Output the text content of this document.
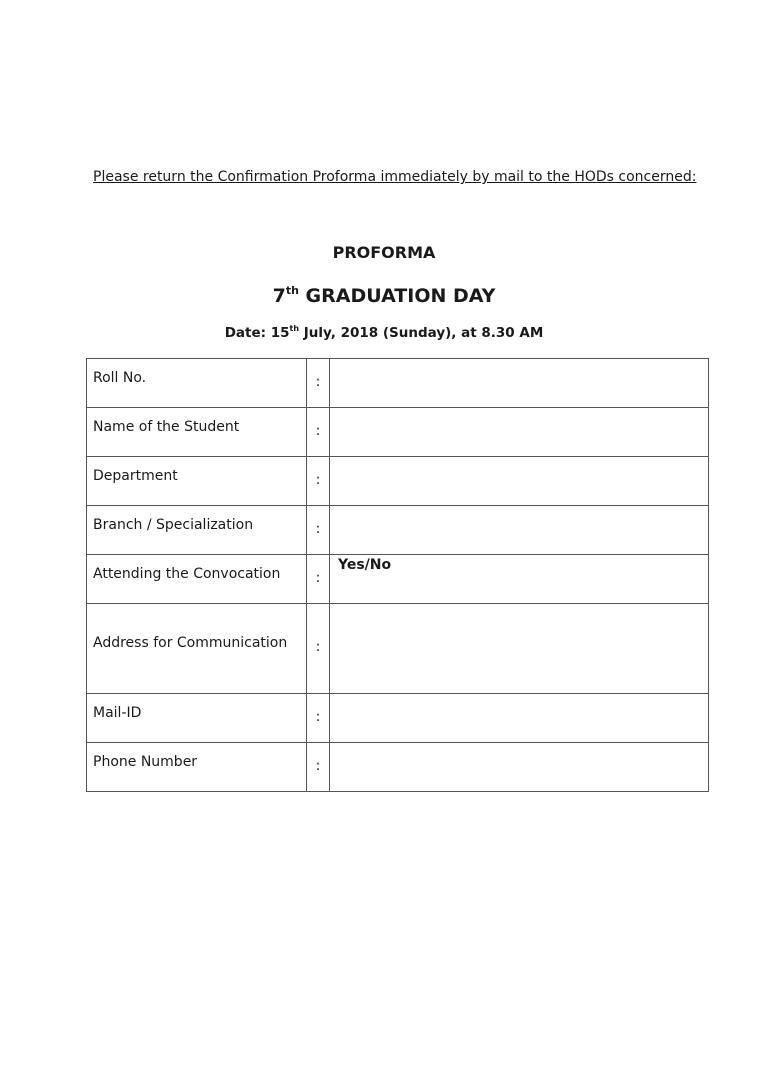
Please return the Confirmation Proforma immediately by mail to the HODs concerned:
PROFORMA
7th GRADUATION DAY
Date: 15th July, 2018 (Sunday), at 8.30 AM
Roll No.	:	
Name of the Student	:	
Department	:	
Branch / Specialization	:	
Attending the Convocation	:	Yes/No
Address for Communication	:	
Mail-ID	:	
Phone Number	:	
